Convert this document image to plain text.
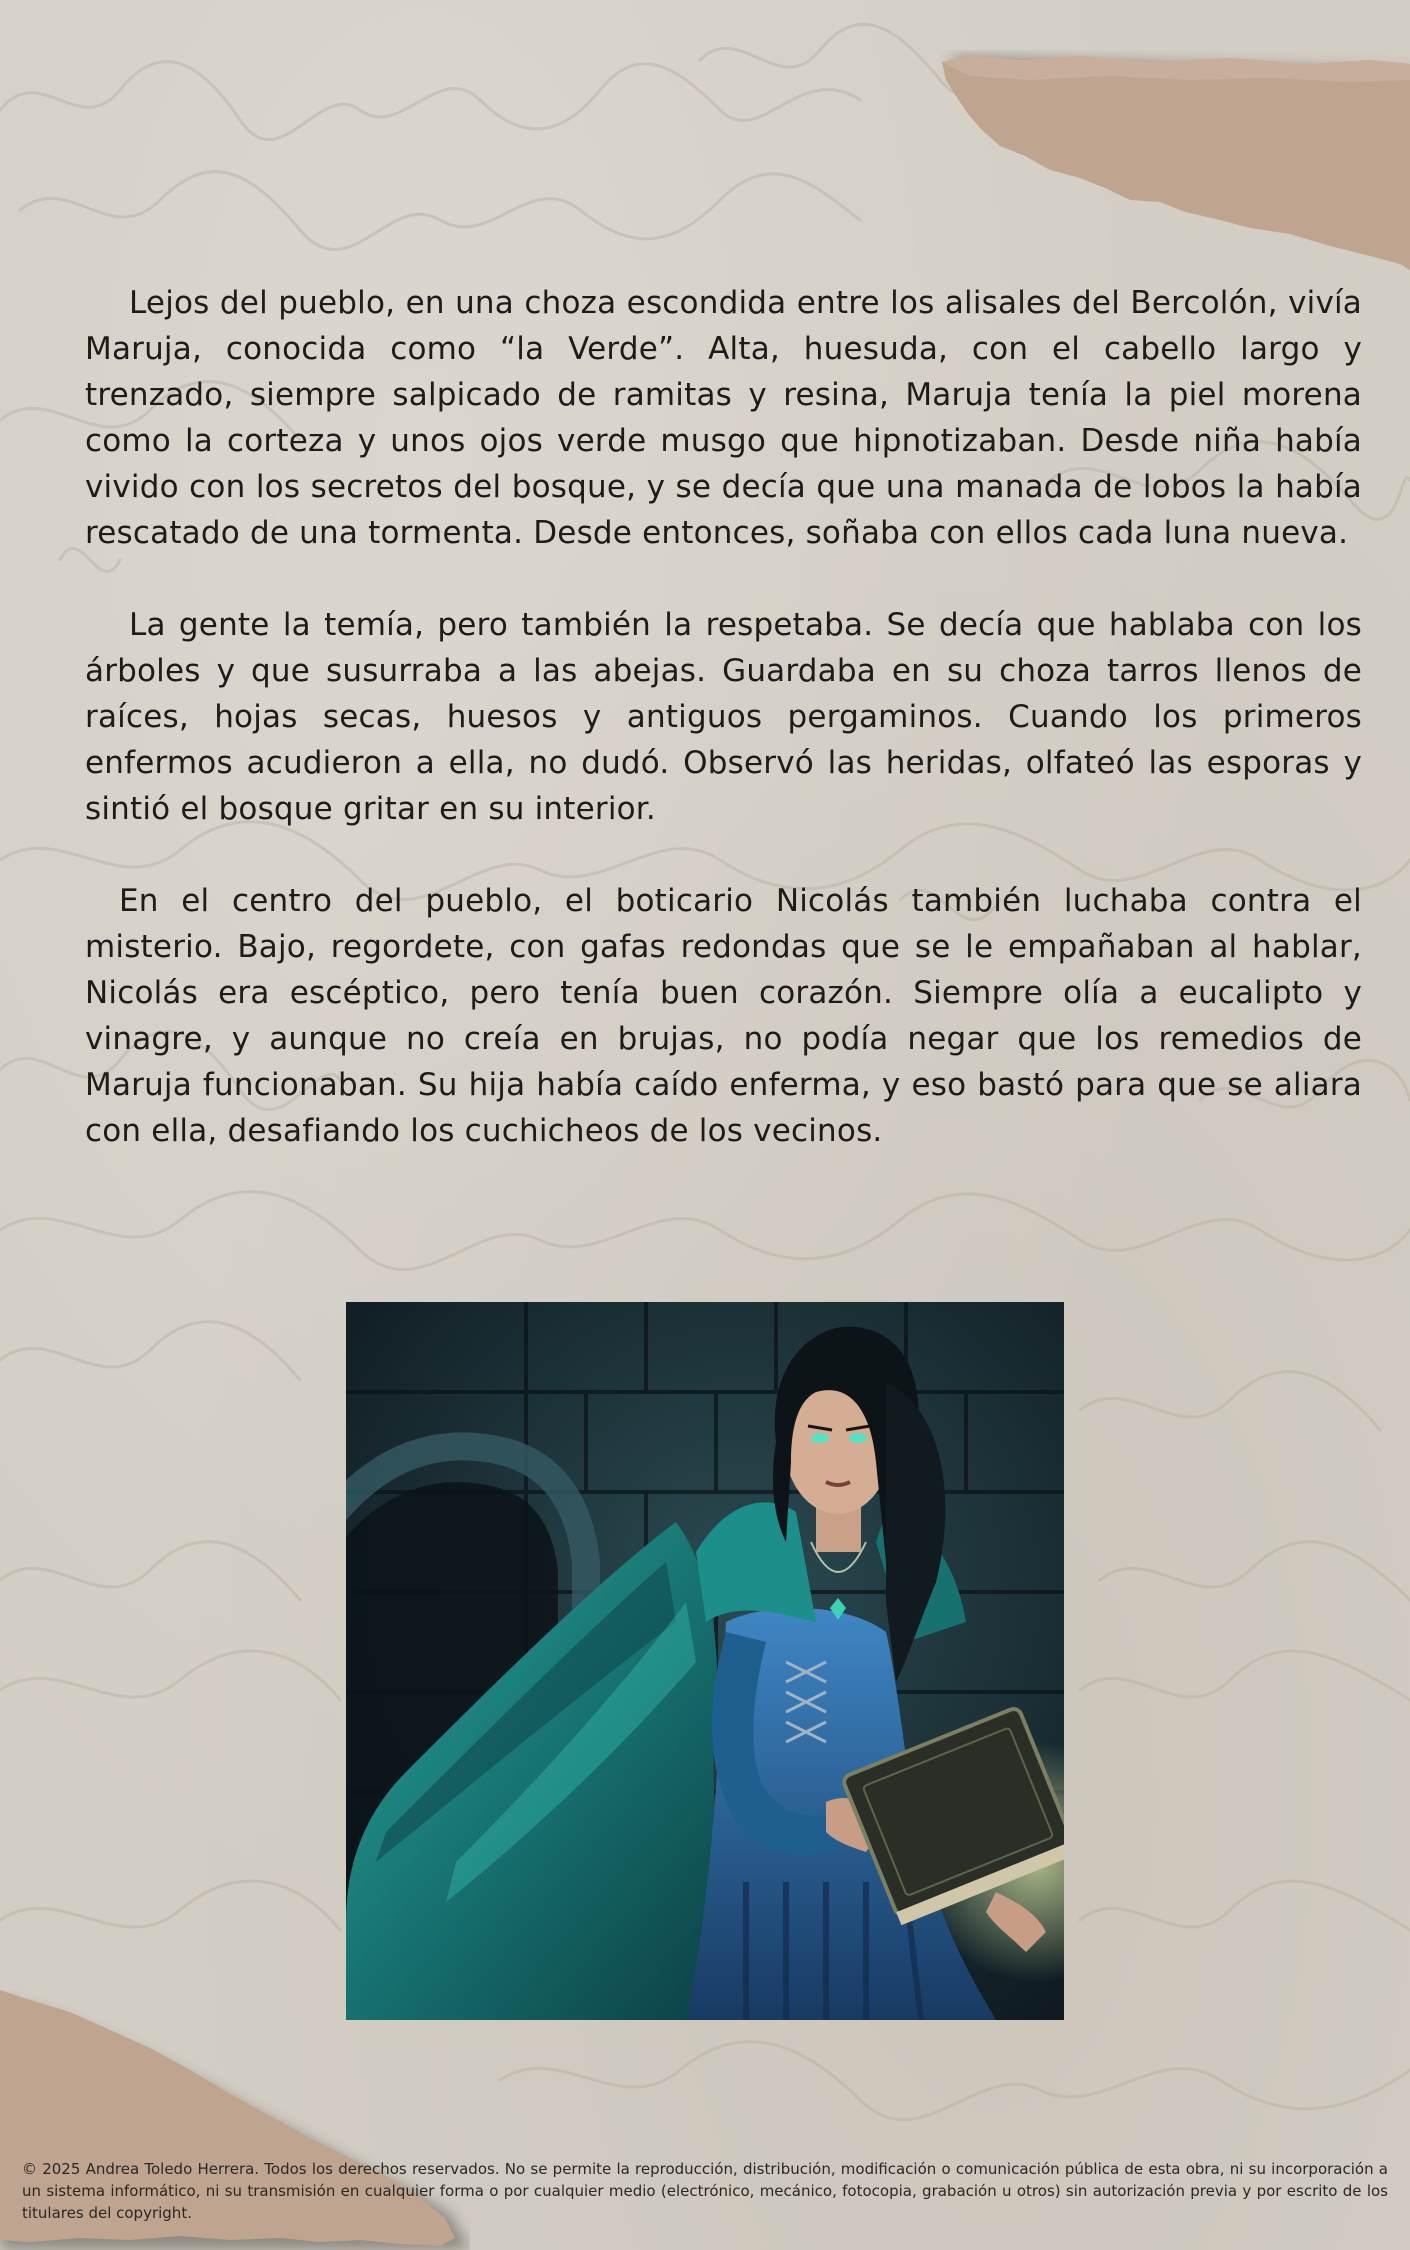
Lejos del pueblo, en una choza escondida entre los alisales del Bercolón, vivía Maruja, conocida como “la Verde”. Alta, huesuda, con el cabello largo y trenzado, siempre salpicado de ramitas y resina, Maruja tenía la piel morena como la corteza y unos ojos verde musgo que hipnotizaban. Desde niña había vivido con los secretos del bosque, y se decía que una manada de lobos la había rescatado de una tormenta. Desde entonces, soñaba con ellos cada luna nueva.

La gente la temía, pero también la respetaba. Se decía que hablaba con los árboles y que susurraba a las abejas. Guardaba en su choza tarros llenos de raíces, hojas secas, huesos y antiguos pergaminos. Cuando los primeros enfermos acudieron a ella, no dudó. Observó las heridas, olfateó las esporas y sintió el bosque gritar en su interior.

En el centro del pueblo, el boticario Nicolás también luchaba contra el misterio. Bajo, regordete, con gafas redondas que se le empañaban al hablar, Nicolás era escéptico, pero tenía buen corazón. Siempre olía a eucalipto y vinagre, y aunque no creía en brujas, no podía negar que los remedios de Maruja funcionaban. Su hija había caído enferma, y eso bastó para que se aliara con ella, desafiando los cuchicheos de los vecinos.

© 2025 Andrea Toledo Herrera. Todos los derechos reservados. No se permite la reproducción, distribución, modificación o comunicación pública de esta obra, ni su incorporación a un sistema informático, ni su transmisión en cualquier forma o por cualquier medio (electrónico, mecánico, fotocopia, grabación u otros) sin autorización previa y por escrito de los titulares del copyright.
